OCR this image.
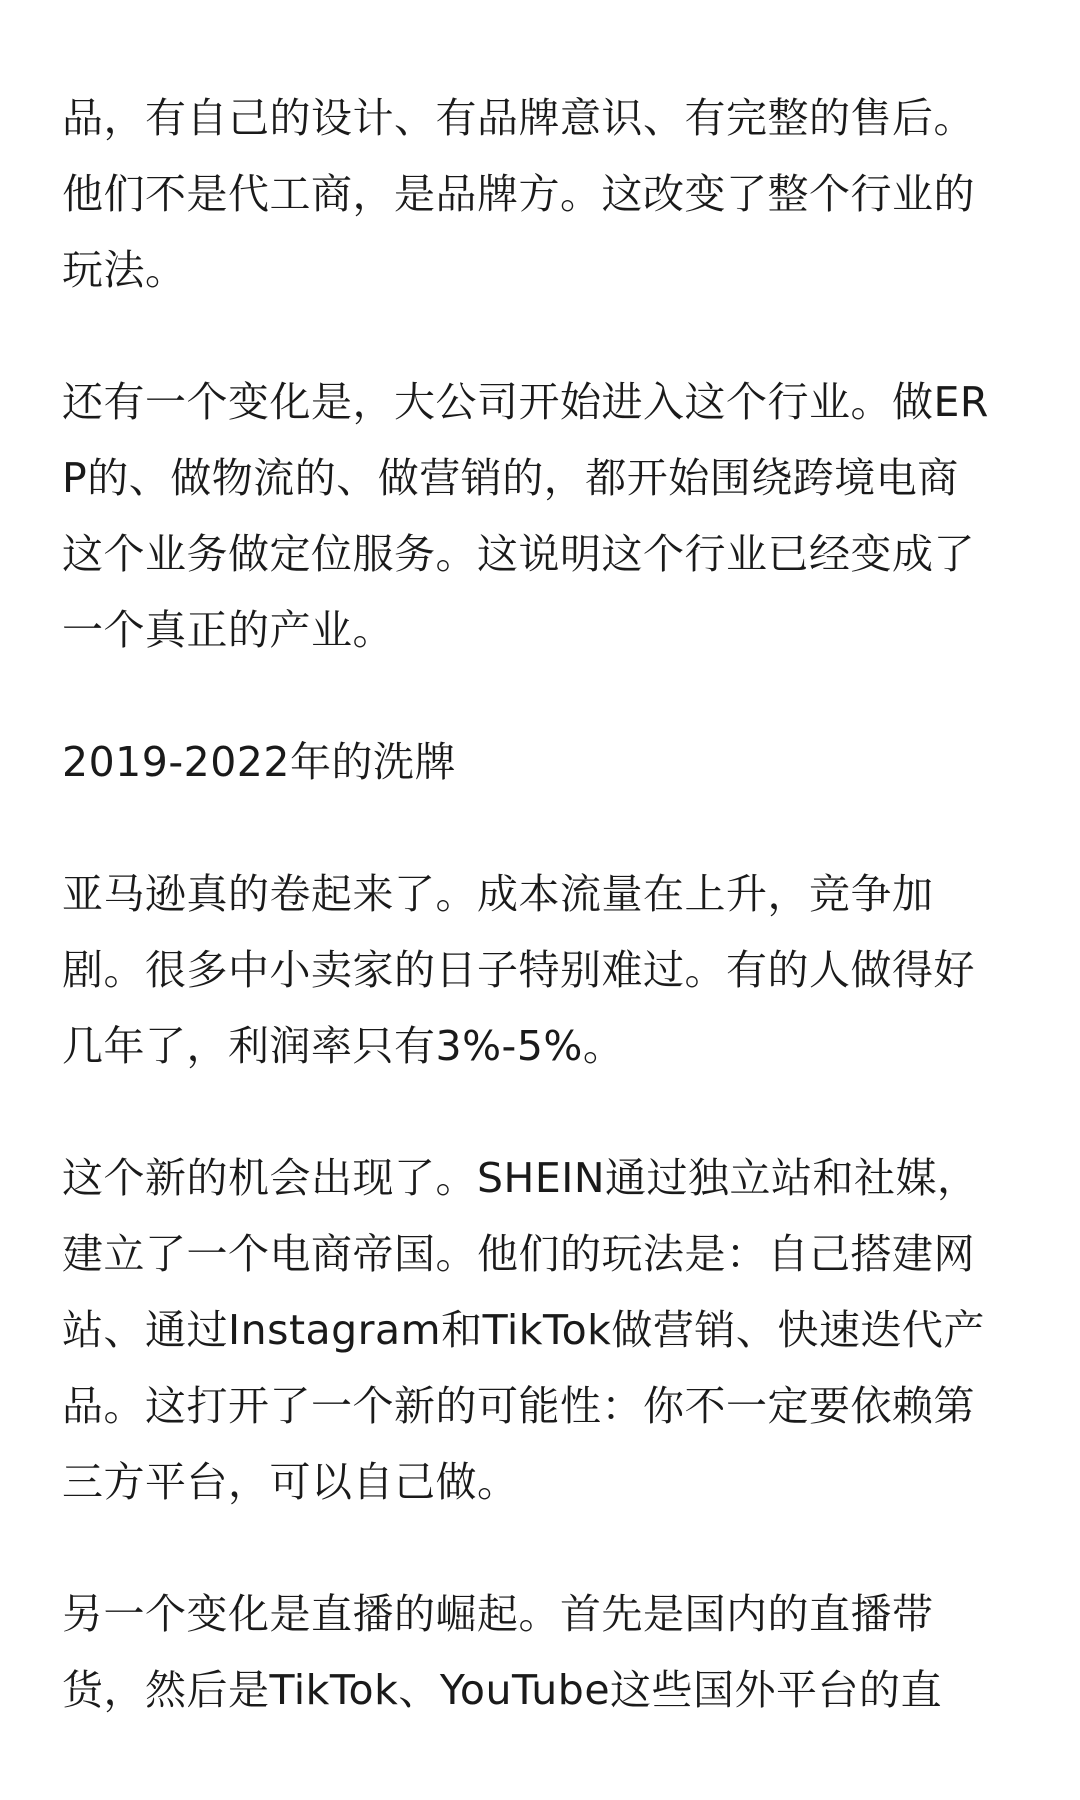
品，有自己的设计、有品牌意识、有完整的售后。
他们不是代工商，是品牌方。这改变了整个行业的
玩法。

还有一个变化是，大公司开始进入这个行业。做ER
P的、做物流的、做营销的，都开始围绕跨境电商
这个业务做定位服务。这说明这个行业已经变成了
一个真正的产业。

2019-2022年的洗牌

亚马逊真的卷起来了。成本流量在上升，竞争加
剧。很多中小卖家的日子特别难过。有的人做得好
几年了，利润率只有3%-5%。

这个新的机会出现了。SHEIN通过独立站和社媒，
建立了一个电商帝国。他们的玩法是：自己搭建网
站、通过Instagram和TikTok做营销、快速迭代产
品。这打开了一个新的可能性：你不一定要依赖第
三方平台，可以自己做。

另一个变化是直播的崛起。首先是国内的直播带
货，然后是TikTok、YouTube这些国外平台的直
